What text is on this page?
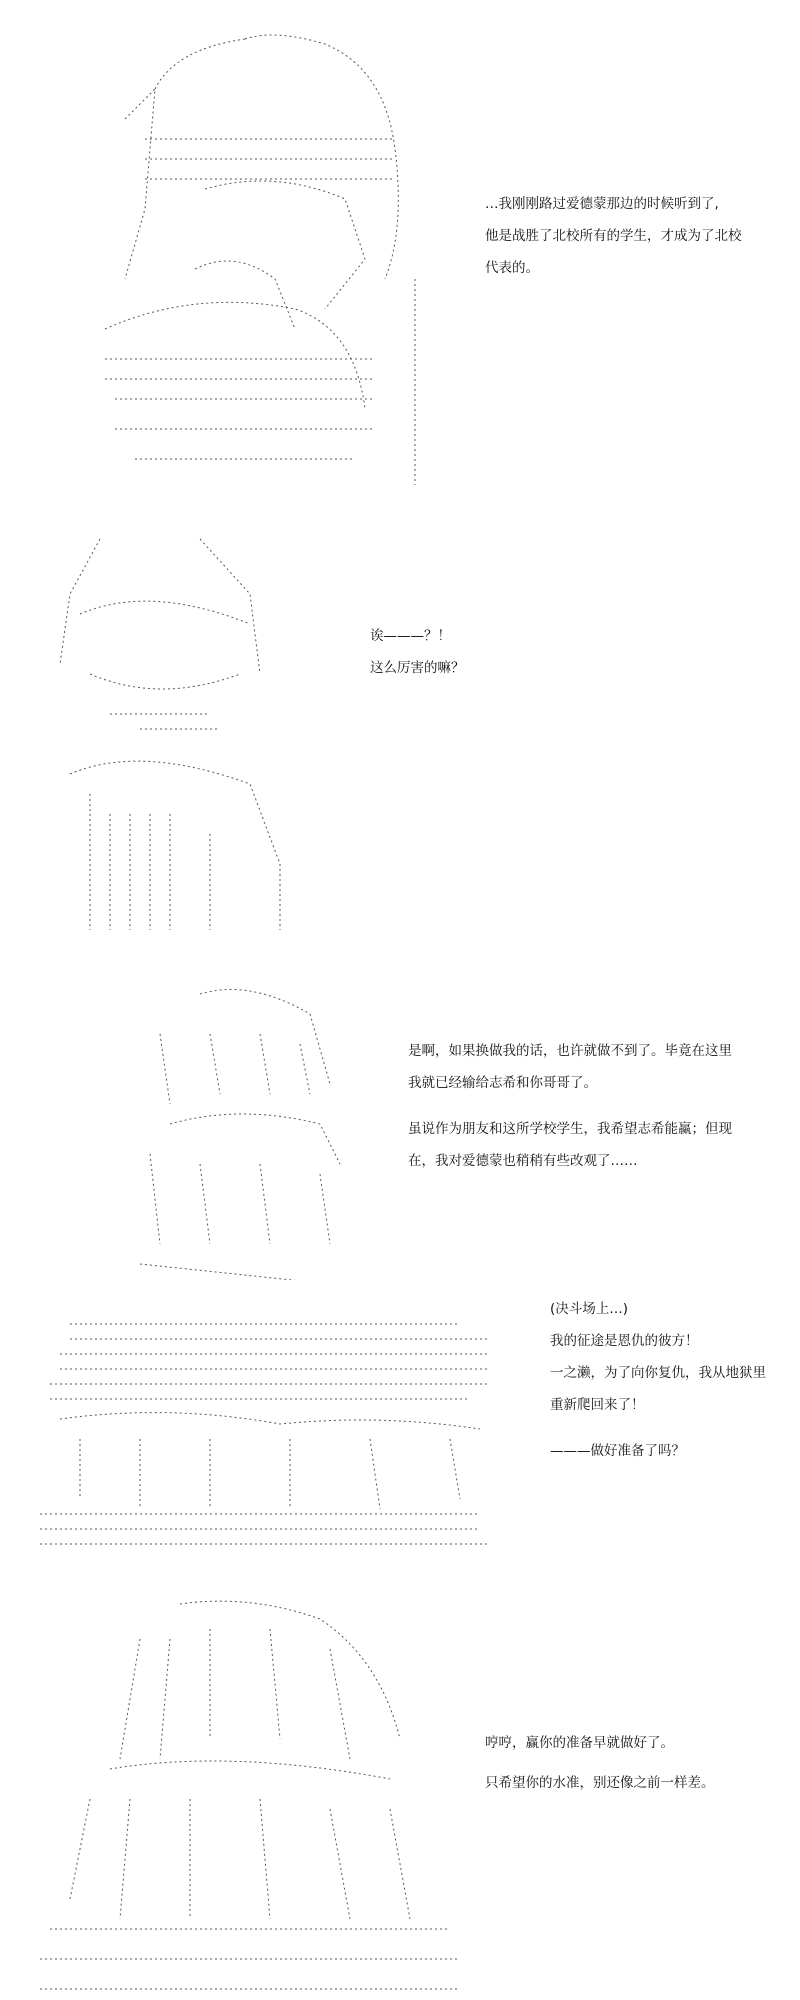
…我刚刚路过爱德蒙那边的时候听到了,

他是战胜了北校所有的学生，才成为了北校

代表的。

诶———？！

这么厉害的嘛？

是啊，如果换做我的话，也许就做不到了。毕竟在这里

我就已经输给志希和你哥哥了。

虽说作为朋友和这所学校学生，我希望志希能赢；但现

在，我对爱德蒙也稍稍有些改观了……

(决斗场上…)

我的征途是恩仇的彼方！

一之濑，为了向你复仇，我从地狱里

重新爬回来了！

———做好准备了吗？

哼哼，赢你的准备早就做好了。

只希望你的水准，别还像之前一样差。
